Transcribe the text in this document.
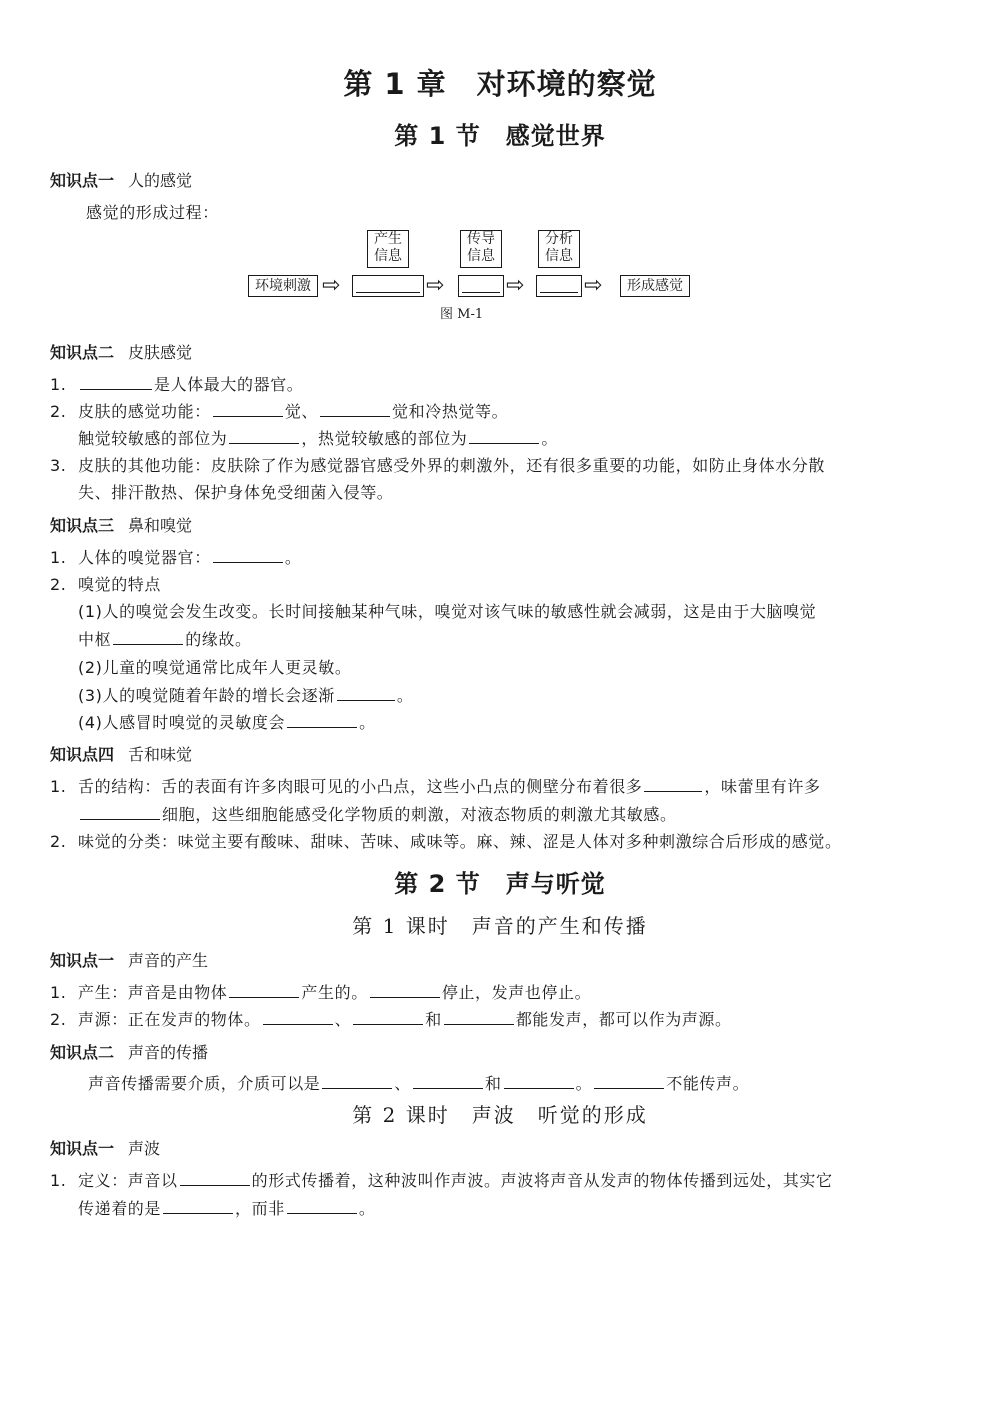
第 1 章　对环境的察觉
第 1 节　感觉世界
知识点一 人的感觉
感觉的形成过程：
产生
信息
传导
信息
分析
信息
环境刺激 ⇨	⇨	⇨	⇨	形成感觉
图 M-1
知识点二 皮肤感觉
1.	是人体最大的器官。
2. 皮肤的感觉功能：	觉、	觉和冷热觉等。
触觉较敏感的部位为	，热觉较敏感的部位为	。
3. 皮肤的其他功能：皮肤除了作为感觉器官感受外界的刺激外，还有很多重要的功能，如防止身体水分散
失、排汗散热、保护身体免受细菌入侵等。
知识点三 鼻和嗅觉
1. 人体的嗅觉器官：	。
2. 嗅觉的特点
(1)人的嗅觉会发生改变。长时间接触某种气味，嗅觉对该气味的敏感性就会减弱，这是由于大脑嗅觉
中枢	的缘故。
(2)儿童的嗅觉通常比成年人更灵敏。
(3)人的嗅觉随着年龄的增长会逐渐	。
(4)人感冒时嗅觉的灵敏度会	。
知识点四 舌和味觉
1. 舌的结构：舌的表面有许多肉眼可见的小凸点，这些小凸点的侧壁分布着很多	，味蕾里有许多
细胞，这些细胞能感受化学物质的刺激，对液态物质的刺激尤其敏感。
2. 味觉的分类：味觉主要有酸味、甜味、苦味、咸味等。麻、辣、涩是人体对多种刺激综合后形成的感觉。
第 2 节　声与听觉
第 1 课时　声音的产生和传播
知识点一 声音的产生
1. 产生：声音是由物体	产生的。	停止，发声也停止。
2. 声源：正在发声的物体。	、	和	都能发声，都可以作为声源。
知识点二 声音的传播
声音传播需要介质，介质可以是	、	和	。	不能传声。
第 2 课时　声波　听觉的形成
知识点一 声波
1. 定义：声音以	的形式传播着，这种波叫作声波。声波将声音从发声的物体传播到远处，其实它
传递着的是	，而非	。
